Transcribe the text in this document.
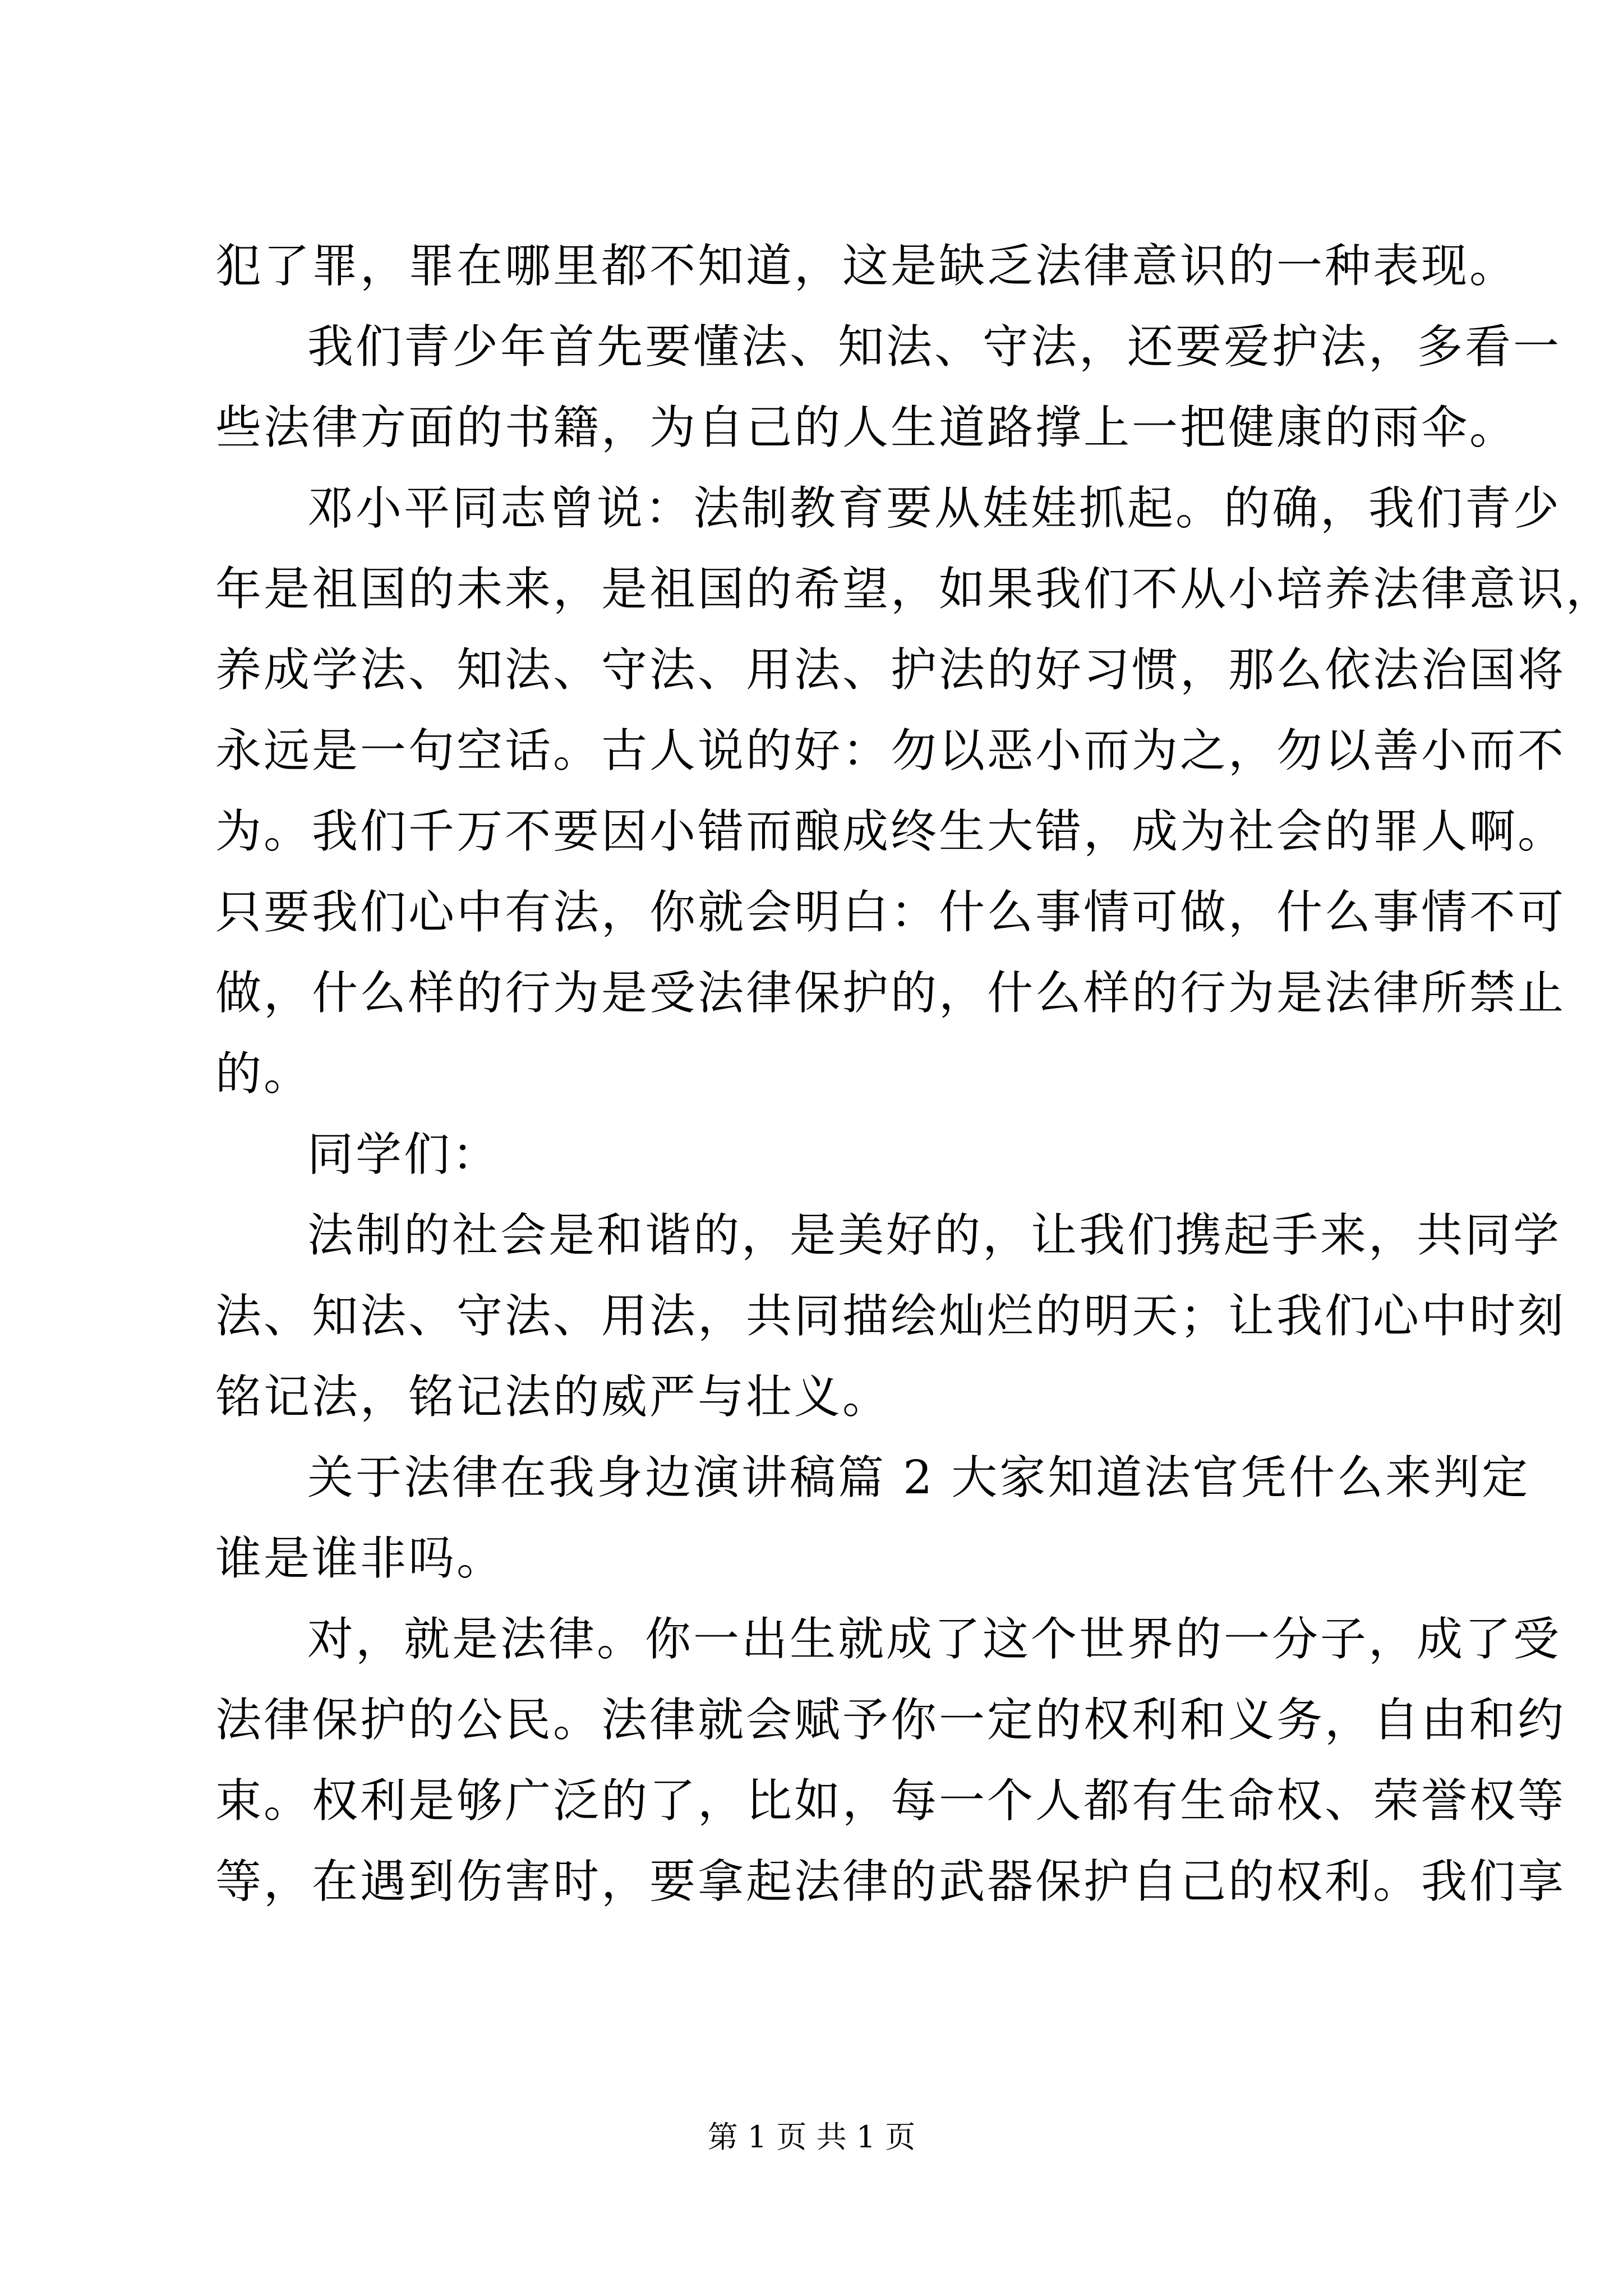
犯了罪，罪在哪里都不知道，这是缺乏法律意识的一种表现。
我们青少年首先要懂法、知法、守法，还要爱护法，多看一
些法律方面的书籍，为自己的人生道路撑上一把健康的雨伞。
邓小平同志曾说：法制教育要从娃娃抓起。的确，我们青少
年是祖国的未来，是祖国的希望，如果我们不从小培养法律意识，
养成学法、知法、守法、用法、护法的好习惯，那么依法治国将
永远是一句空话。古人说的好：勿以恶小而为之，勿以善小而不
为。我们千万不要因小错而酿成终生大错，成为社会的罪人啊。
只要我们心中有法，你就会明白：什么事情可做，什么事情不可
做，什么样的行为是受法律保护的，什么样的行为是法律所禁止
的。
同学们：
法制的社会是和谐的，是美好的，让我们携起手来，共同学
法、知法、守法、用法，共同描绘灿烂的明天；让我们心中时刻
铭记法，铭记法的威严与壮义。
关于法律在我身边演讲稿篇 2 大家知道法官凭什么来判定
谁是谁非吗。
对，就是法律。你一出生就成了这个世界的一分子，成了受
法律保护的公民。法律就会赋予你一定的权利和义务，自由和约
束。权利是够广泛的了，比如，每一个人都有生命权、荣誉权等
等，在遇到伤害时，要拿起法律的武器保护自己的权利。我们享
第 1 页 共 1 页
